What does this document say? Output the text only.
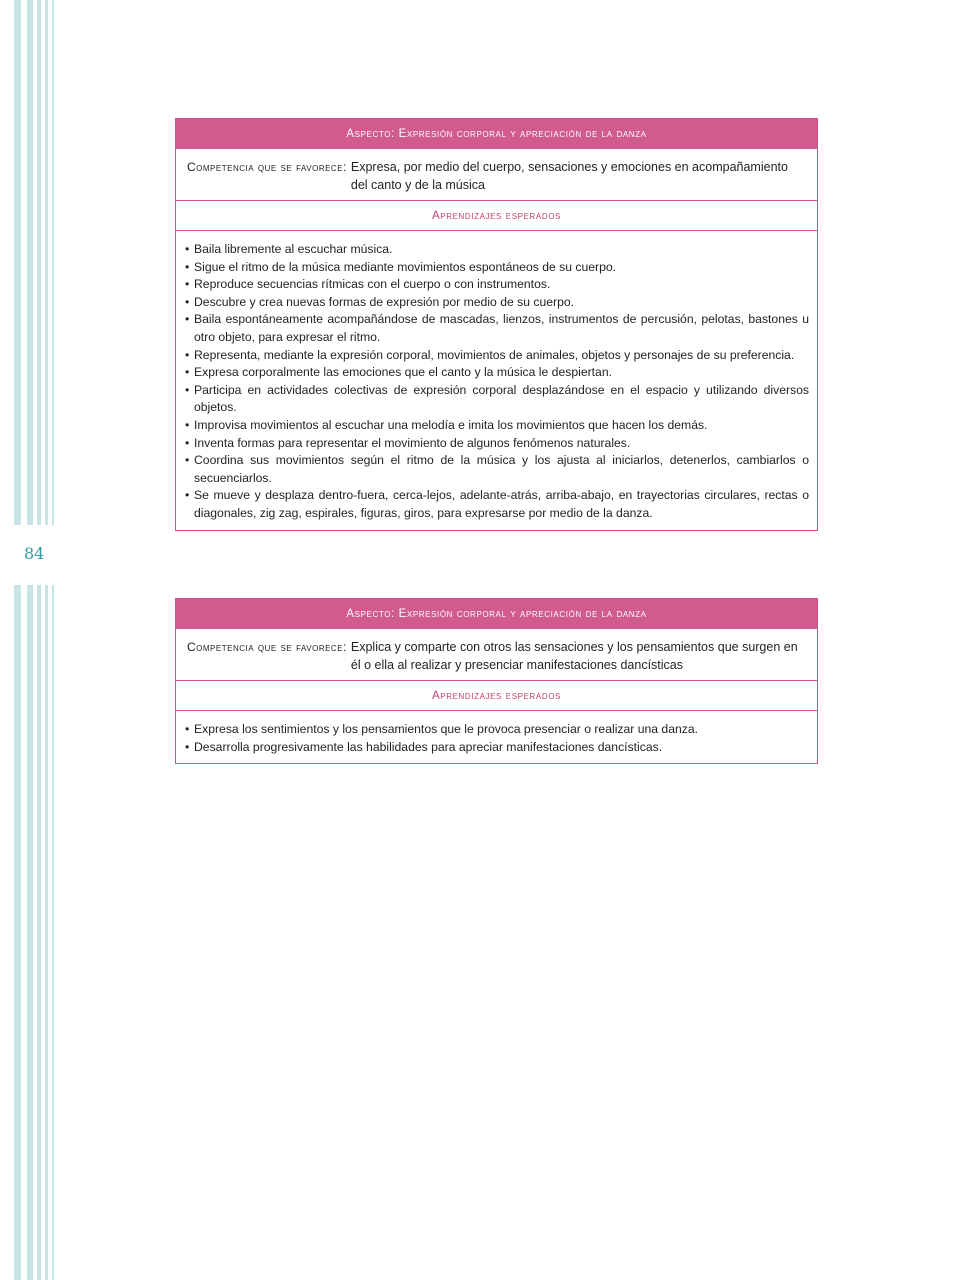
84
Aspecto: Expresión corporal y apreciación de la danza
Competencia que se favorece: Expresa, por medio del cuerpo, sensaciones y emociones en acompañamiento del canto y de la música
Aprendizajes esperados
• Baila libremente al escuchar música.
• Sigue el ritmo de la música mediante movimientos espontáneos de su cuerpo.
• Reproduce secuencias rítmicas con el cuerpo o con instrumentos.
• Descubre y crea nuevas formas de expresión por medio de su cuerpo.
• Baila espontáneamente acompañándose de mascadas, lienzos, instrumentos de percusión, pelotas, bastones u otro objeto, para expresar el ritmo.
• Representa, mediante la expresión corporal, movimientos de animales, objetos y personajes de su preferencia.
• Expresa corporalmente las emociones que el canto y la música le despiertan.
• Participa en actividades colectivas de expresión corporal desplazándose en el espacio y utilizando diversos objetos.
• Improvisa movimientos al escuchar una melodía e imita los movimientos que hacen los demás.
• Inventa formas para representar el movimiento de algunos fenómenos naturales.
• Coordina sus movimientos según el ritmo de la música y los ajusta al iniciarlos, detenerlos, cambiarlos o secuenciarlos.
• Se mueve y desplaza dentro-fuera, cerca-lejos, adelante-atrás, arriba-abajo, en trayectorias circulares, rectas o diagonales, zig zag, espirales, figuras, giros, para expresarse por medio de la danza.
Aspecto: Expresión corporal y apreciación de la danza
Competencia que se favorece: Explica y comparte con otros las sensaciones y los pensamientos que surgen en él o ella al realizar y presenciar manifestaciones dancísticas
Aprendizajes esperados
• Expresa los sentimientos y los pensamientos que le provoca presenciar o realizar una danza.
• Desarrolla progresivamente las habilidades para apreciar manifestaciones dancísticas.
